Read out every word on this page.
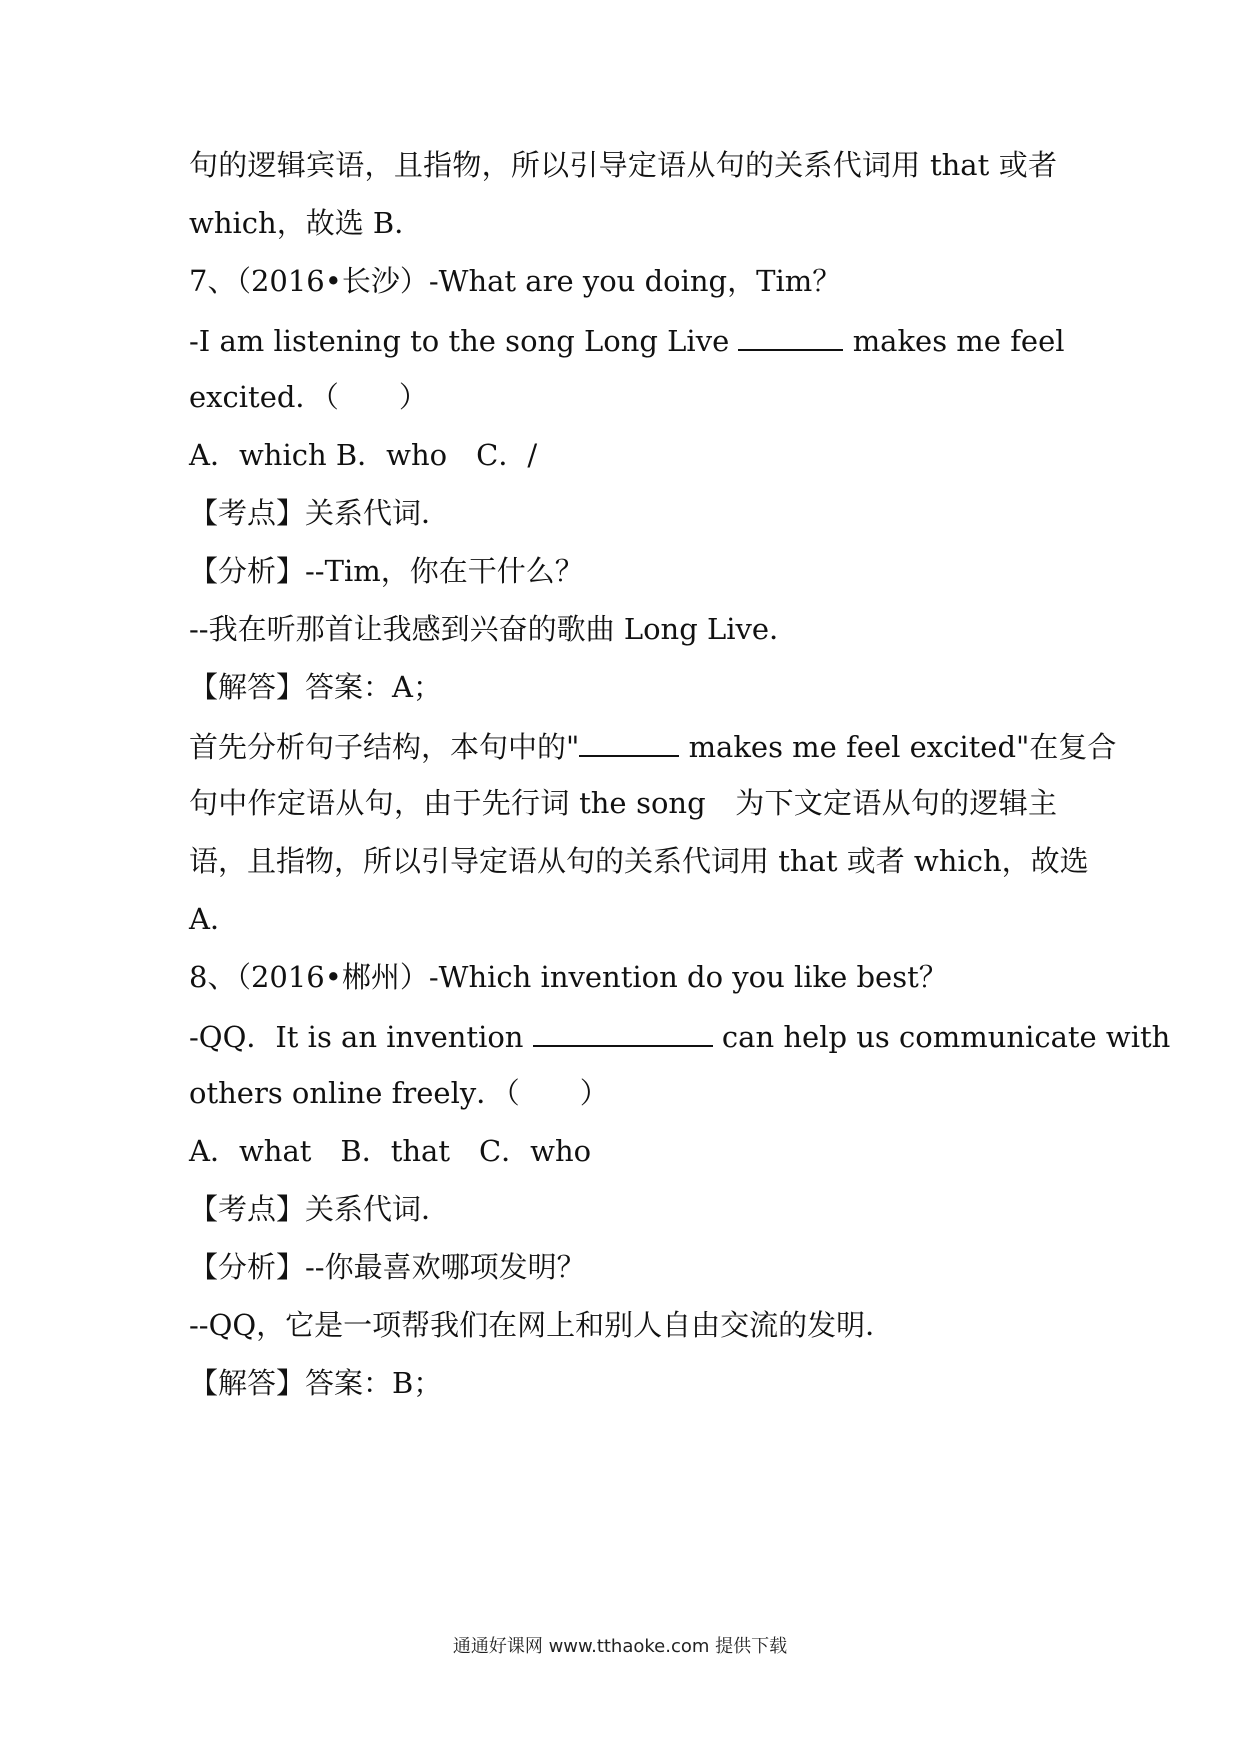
句的逻辑宾语，且指物，所以引导定语从句的关系代词用 that 或者
which，故选 B．
7、（2016•长沙）-What are you doing，Tim？
-I am listening to the song Long Live	makes me feel
excited．（ ）
A．which B．who　C．/
【考点】关系代词．
【分析】--Tim，你在干什么？
--我在听那首让我感到兴奋的歌曲 Long Live．
【解答】答案：A；
首先分析句子结构，本句中的"	makes me feel excited"在复合
句中作定语从句，由于先行词 the song　为下文定语从句的逻辑主
语，且指物，所以引导定语从句的关系代词用 that 或者 which，故选
A．
8、（2016•郴州）-Which invention do you like best？
-QQ．It is an invention	can help us communicate with
others online freely．（ ）
A．what　B．that　C．who
【考点】关系代词．
【分析】--你最喜欢哪项发明？
--QQ，它是一项帮我们在网上和别人自由交流的发明．
【解答】答案：B；
通通好课网 www.tthaoke.com 提供下载
